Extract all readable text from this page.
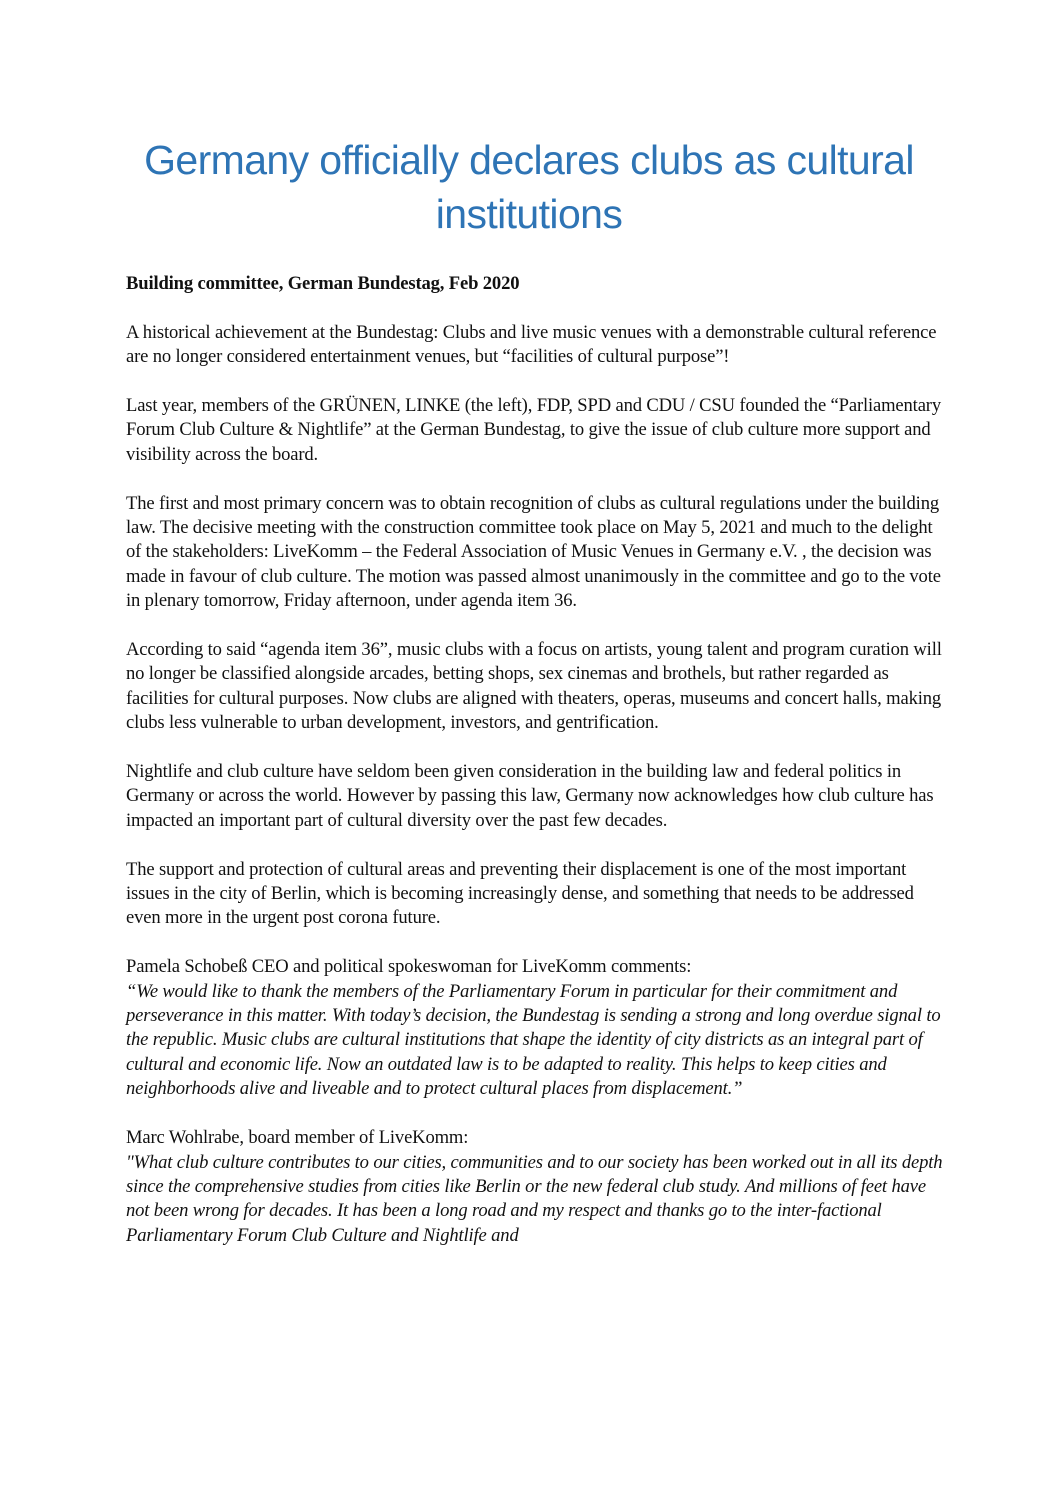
Germany officially declares clubs as cultural institutions

Building committee, German Bundestag, Feb 2020

A historical achievement at the Bundestag: Clubs and live music venues with a demonstrable cultural reference are no longer considered entertainment venues, but “facilities of cultural purpose”!

Last year, members of the GRÜNEN, LINKE (the left), FDP, SPD and CDU / CSU founded the “Parliamentary Forum Club Culture & Nightlife” at the German Bundestag, to give the issue of club culture more support and visibility across the board.

The first and most primary concern was to obtain recognition of clubs as cultural regulations under the building law. The decisive meeting with the construction committee took place on May 5, 2021 and much to the delight of the stakeholders: LiveKomm – the Federal Association of Music Venues in Germany e.V. , the decision was made in favour of club culture. The motion was passed almost unanimously in the committee and go to the vote in plenary tomorrow, Friday afternoon, under agenda item 36.

According to said “agenda item 36”, music clubs with a focus on artists, young talent and program curation will no longer be classified alongside arcades, betting shops, sex cinemas and brothels, but rather regarded as facilities for cultural purposes. Now clubs are aligned with theaters, operas, museums and concert halls, making clubs less vulnerable to urban development, investors, and gentrification.

Nightlife and club culture have seldom been given consideration in the building law and federal politics in Germany or across the world. However by passing this law, Germany now acknowledges how club culture has impacted an important part of cultural diversity over the past few decades.

The support and protection of cultural areas and preventing their displacement is one of the most important issues in the city of Berlin, which is becoming increasingly dense, and something that needs to be addressed even more in the urgent post corona future.

Pamela Schobeß CEO and political spokeswoman for LiveKomm comments:

“We would like to thank the members of the Parliamentary Forum in particular for their commitment and perseverance in this matter. With today’s decision, the Bundestag is sending a strong and long overdue signal to the republic. Music clubs are cultural institutions that shape the identity of city districts as an integral part of cultural and economic life. Now an outdated law is to be adapted to reality. This helps to keep cities and neighborhoods alive and liveable and to protect cultural places from displacement.”

Marc Wohlrabe, board member of LiveKomm:

"What club culture contributes to our cities, communities and to our society has been worked out in all its depth since the comprehensive studies from cities like Berlin or the new federal club study. And millions of feet have not been wrong for decades. It has been a long road and my respect and thanks go to the inter-factional Parliamentary Forum Club Culture and Nightlife and
